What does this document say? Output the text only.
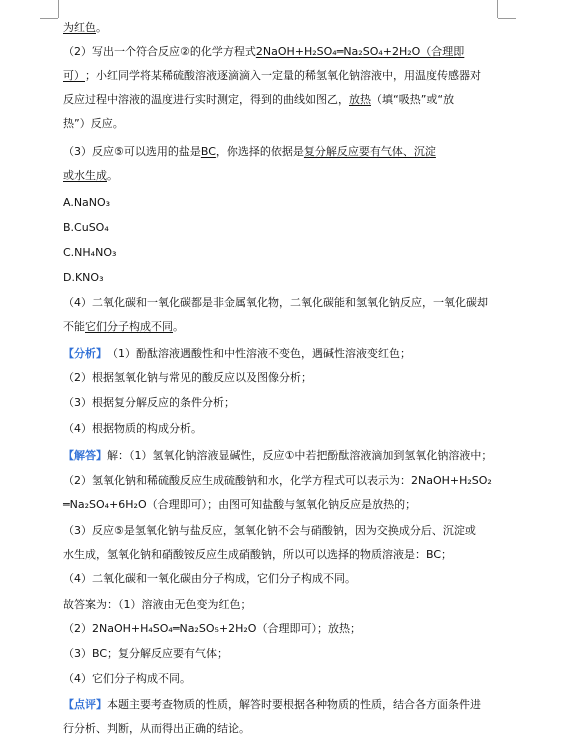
为红色。
（2）写出一个符合反应②的化学方程式2NaOH+H₂SO₄═Na₂SO₄+2H₂O（合理即
可）；小红同学将某稀硫酸溶液逐滴滴入一定量的稀氢氧化钠溶液中，用温度传感器对
反应过程中溶液的温度进行实时测定，得到的曲线如图乙，放热（填“吸热”或“放
热”）反应。
（3）反应⑤可以选用的盐是BC，你选择的依据是复分解反应要有气体、沉淀
或水生成。
A.NaNO₃
B.CuSO₄
C.NH₄NO₃
D.KNO₃
（4）二氧化碳和一氧化碳都是非金属氧化物，二氧化碳能和氢氧化钠反应，一氧化碳却
不能它们分子构成不同。
【分析】（1）酚酞溶液遇酸性和中性溶液不变色，遇碱性溶液变红色；
（2）根据氢氧化钠与常见的酸反应以及图像分析；
（3）根据复分解反应的条件分析；
（4）根据物质的构成分析。
【解答】解：（1）氢氧化钠溶液显碱性，反应①中若把酚酞溶液滴加到氢氧化钠溶液中；
（2）氢氧化钠和稀硫酸反应生成硫酸钠和水，化学方程式可以表示为：2NaOH+H₂SO₂
═Na₂SO₄+6H₂O（合理即可）；由图可知盐酸与氢氧化钠反应是放热的；
（3）反应⑤是氢氧化钠与盐反应，氢氧化钠不会与硝酸钠，因为交换成分后、沉淀或
水生成，氢氧化钠和硝酸铵反应生成硝酸钠，所以可以选择的物质溶液是：BC；
（4）二氧化碳和一氧化碳由分子构成，它们分子构成不同。
故答案为：（1）溶液由无色变为红色；
（2）2NaOH+H₄SO₄═Na₂SO₅+2H₂O（合理即可）；放热；
（3）BC；复分解反应要有气体；
（4）它们分子构成不同。
【点评】本题主要考查物质的性质，解答时要根据各种物质的性质，结合各方面条件进
行分析、判断，从而得出正确的结论。
